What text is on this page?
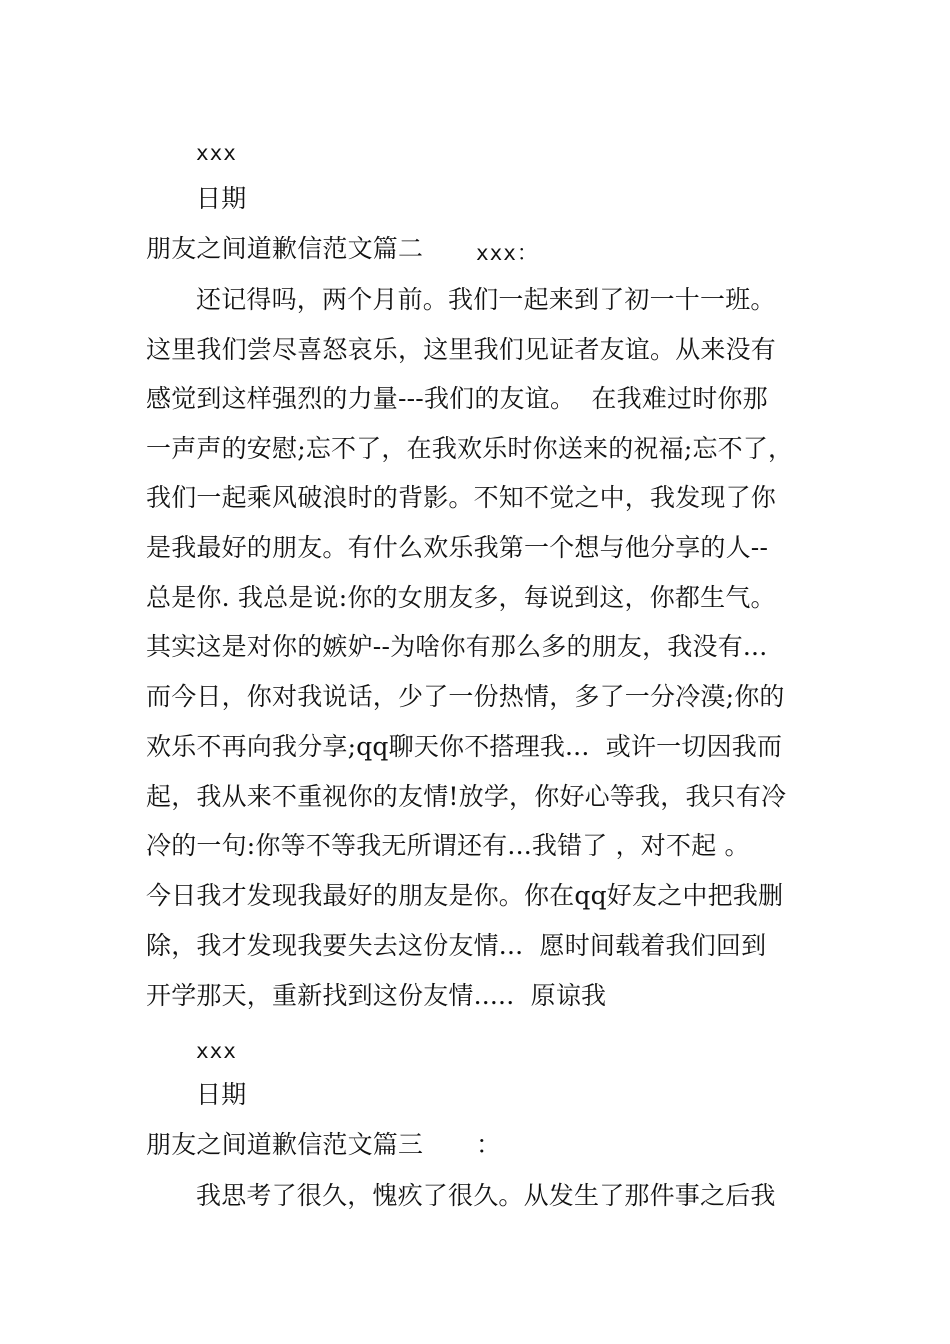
xxx
日期
朋友之间道歉信范文篇二	xxx：
还记得吗，两个月前。我们一起来到了初一十一班。
这里我们尝尽喜怒哀乐，这里我们见证者友谊。从来没有
感觉到这样强烈的力量---我们的友谊。  在我难过时你那
一声声的安慰;忘不了，在我欢乐时你送来的祝福;忘不了，
我们一起乘风破浪时的背影。不知不觉之中，我发现了你
是我最好的朋友。有什么欢乐我第一个想与他分享的人--
总是你. 我总是说:你的女朋友多，每说到这，你都生气。
其实这是对你的嫉妒--为啥你有那么多的朋友，我没有...
而今日，你对我说话，少了一份热情，多了一分冷漠;你的
欢乐不再向我分享;qq聊天你不搭理我...  或许一切因我而
起，我从来不重视你的友情!放学，你好心等我，我只有冷
冷的一句:你等不等我无所谓还有...我错了 ，对不起 。
今日我才发现我最好的朋友是你。你在qq好友之中把我删
除，我才发现我要失去这份友情...  愿时间载着我们回到
开学那天，重新找到这份友情.....  原谅我
xxx
日期
朋友之间道歉信范文篇三 ：
我思考了很久，愧疚了很久。从发生了那件事之后我
